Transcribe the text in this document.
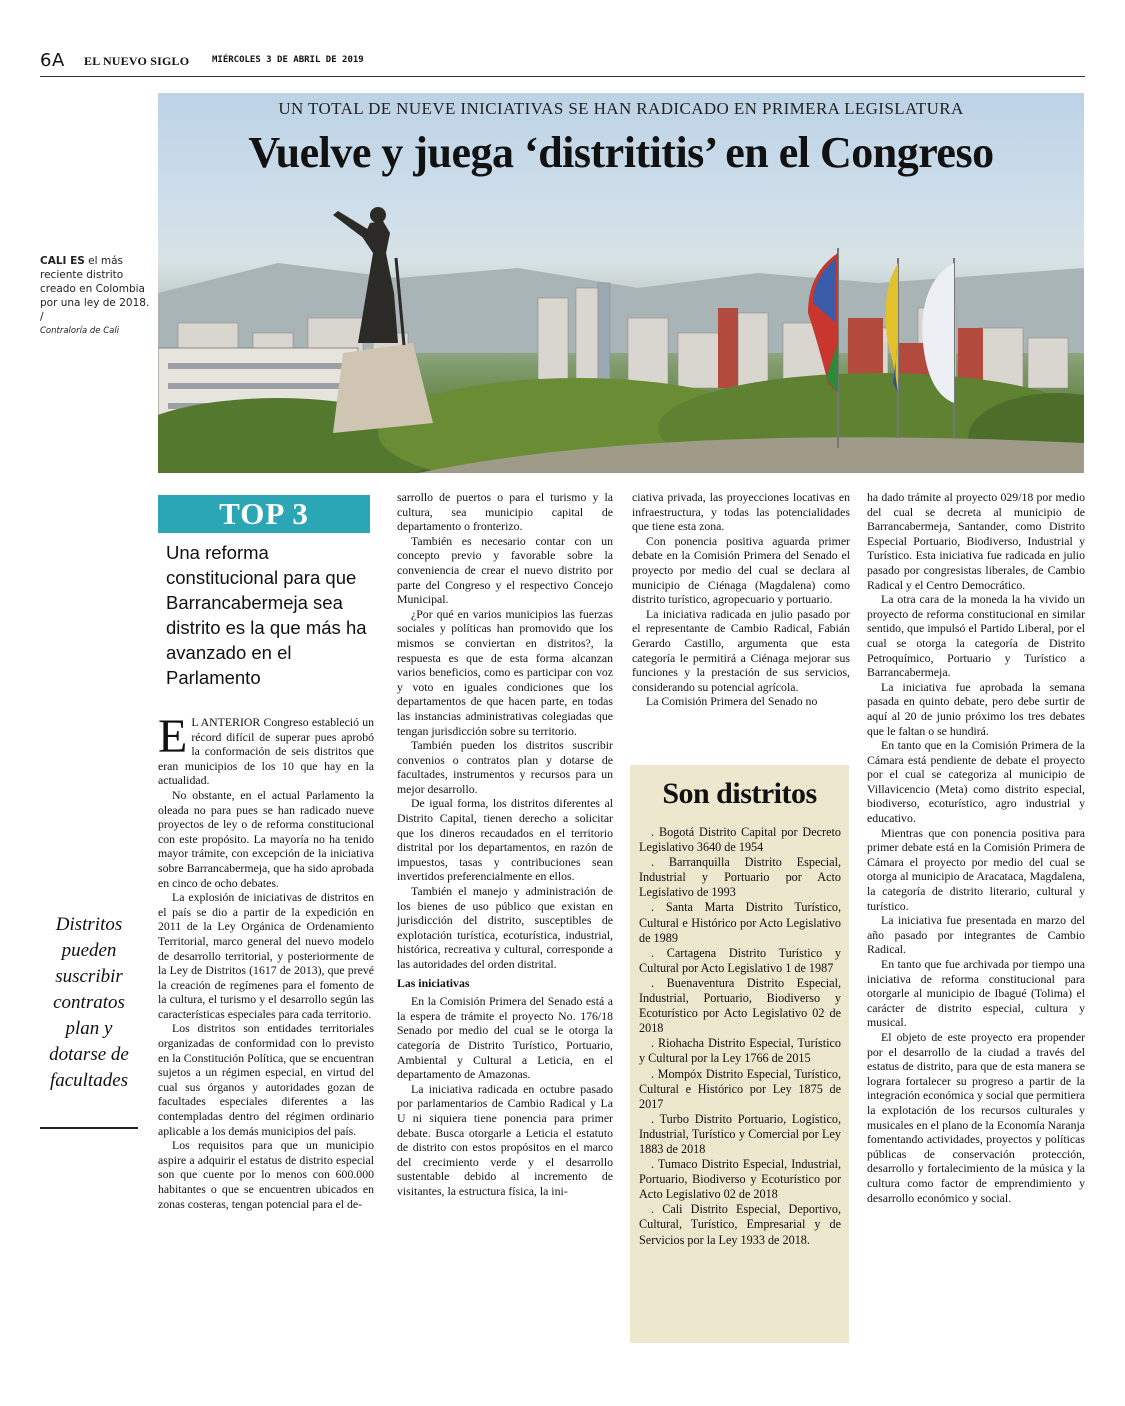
6A EL NUEVO SIGLO	MIÉRCOLES 3 DE ABRIL DE 2019
UN TOTAL DE NUEVE INICIATIVAS SE HAN RADICADO EN PRIMERA LEGISLATURA
Vuelve y juega ‘distrititis’ en el Congreso
CALI ES el más reciente distrito creado en Colombia por una ley de 2018. /
Contraloría de Cali
Distritos pueden suscribir contratos plan y dotarse de facultades
TOP 3
Una reforma constitucional para que Barrancabermeja sea distrito es la que más ha avanzado en el Parlamento

E L ANTERIOR Congreso estableció un récord difícil de superar pues aprobó la conformación de seis distritos que eran municipios de los 10 que hay en la actualidad.

No obstante, en el actual Parlamento la oleada no para pues se han radicado nueve proyectos de ley o de reforma constitucional con este propósito. La mayoría no ha tenido mayor trámite, con excepción de la iniciativa sobre Barrancabermeja, que ha sido aprobada en cinco de ocho debates.

La explosión de iniciativas de distritos en el país se dio a partir de la expedición en 2011 de la Ley Orgánica de Ordenamiento Territorial, marco general del nuevo modelo de desarrollo territorial, y posteriormente de la Ley de Distritos (1617 de 2013), que prevé la creación de regímenes para el fomento de la cultura, el turismo y el desarrollo según las características especiales para cada territorio.

Los distritos son entidades territoriales organizadas de conformidad con lo previsto en la Constitución Política, que se encuentran sujetos a un régimen especial, en virtud del cual sus órganos y autoridades gozan de facultades especiales diferentes a las contempladas dentro del régimen ordinario aplicable a los demás municipios del país.

Los requisitos para que un municipio aspire a adquirir el estatus de distrito especial son que cuente por lo menos con 600.000 habitantes o que se encuentren ubicados en zonas costeras, tengan potencial para el de-

sarrollo de puertos o para el turismo y la cultura, sea municipio capital de departamento o fronterizo.

También es necesario contar con un concepto previo y favorable sobre la conveniencia de crear el nuevo distrito por parte del Congreso y el respectivo Concejo Municipal.

¿Por qué en varios municipios las fuerzas sociales y políticas han promovido que los mismos se conviertan en distritos?, la respuesta es que de esta forma alcanzan varios beneficios, como es participar con voz y voto en iguales condiciones que los departamentos de que hacen parte, en todas las instancias administrativas colegiadas que tengan jurisdicción sobre su territorio.

También pueden los distritos suscribir convenios o contratos plan y dotarse de facultades, instrumentos y recursos para un mejor desarrollo.

De igual forma, los distritos diferentes al Distrito Capital, tienen derecho a solicitar que los dineros recaudados en el territorio distrital por los departamentos, en razón de impuestos, tasas y contribuciones sean invertidos preferencialmente en ellos.

También el manejo y administración de los bienes de uso público que existan en jurisdicción del distrito, susceptibles de explotación turística, ecoturística, industrial, histórica, recreativa y cultural, corresponde a las autoridades del orden distrital.

Las iniciativas

En la Comisión Primera del Senado está a la espera de trámite el proyecto No. 176/18 Senado por medio del cual se le otorga la categoría de Distrito Turístico, Portuario, Ambiental y Cultural a Leticia, en el departamento de Amazonas.

La iniciativa radicada en octubre pasado por parlamentarios de Cambio Radical y La U ni siquiera tiene ponencia para primer debate. Busca otorgarle a Leticia el estatuto de distrito con estos propósitos en el marco del crecimiento verde y el desarrollo sustentable debido al incremento de visitantes, la estructura física, la ini-

ciativa privada, las proyecciones locativas en infraestructura, y todas las potencialidades que tiene esta zona.

Con ponencia positiva aguarda primer debate en la Comisión Primera del Senado el proyecto por medio del cual se declara al municipio de Ciénaga (Magdalena) como distrito turístico, agropecuario y portuario.

La iniciativa radicada en julio pasado por el representante de Cambio Radical, Fabián Gerardo Castillo, argumenta que esta categoría le permitirá a Ciénaga mejorar sus funciones y la prestación de sus servicios, considerando su potencial agrícola.

La Comisión Primera del Senado no

Son distritos
. Bogotá Distrito Capital por Decreto Legislativo 3640 de 1954
. Barranquilla Distrito Especial, Industrial y Portuario por Acto Legislativo de 1993
. Santa Marta Distrito Turístico, Cultural e Histórico por Acto Legislativo de 1989
. Cartagena Distrito Turístico y Cultural por Acto Legislativo 1 de 1987
. Buenaventura Distrito Especial, Industrial, Portuario, Biodiverso y Ecoturístico por Acto Legislativo 02 de 2018
. Riohacha Distrito Especial, Turístico y Cultural por la Ley 1766 de 2015
. Mompóx Distrito Especial, Turístico, Cultural e Histórico por Ley 1875 de 2017
. Turbo Distrito Portuario, Logístico, Industrial, Turístico y Comercial por Ley 1883 de 2018
. Tumaco Distrito Especial, Industrial, Portuario, Biodiverso y Ecoturístico por Acto Legislativo 02 de 2018
. Cali Distrito Especial, Deportivo, Cultural, Turístico, Empresarial y de Servicios por la Ley 1933 de 2018.

ha dado trámite al proyecto 029/18 por medio del cual se decreta al municipio de Barrancabermeja, Santander, como Distrito Especial Portuario, Biodiverso, Industrial y Turístico. Esta iniciativa fue radicada en julio pasado por congresistas liberales, de Cambio Radical y el Centro Democrático.

La otra cara de la moneda la ha vivido un proyecto de reforma constitucional en similar sentido, que impulsó el Partido Liberal, por el cual se otorga la categoría de Distrito Petroquímico, Portuario y Turístico a Barrancabermeja.

La iniciativa fue aprobada la semana pasada en quinto debate, pero debe surtir de aquí al 20 de junio próximo los tres debates que le faltan o se hundirá.

En tanto que en la Comisión Primera de la Cámara está pendiente de debate el proyecto por el cual se categoriza al municipio de Villavicencio (Meta) como distrito especial, biodiverso, ecoturístico, agro industrial y educativo.

Mientras que con ponencia positiva para primer debate está en la Comisión Primera de Cámara el proyecto por medio del cual se otorga al municipio de Aracataca, Magdalena, la categoría de distrito literario, cultural y turístico.

La iniciativa fue presentada en marzo del año pasado por integrantes de Cambio Radical.

En tanto que fue archivada por tiempo una iniciativa de reforma constitucional para otorgarle al municipio de Ibagué (Tolima) el carácter de distrito especial, cultura y musical.

El objeto de este proyecto era propender por el desarrollo de la ciudad a través del estatus de distrito, para que de esta manera se lograra fortalecer su progreso a partir de la integración económica y social que permitiera la explotación de los recursos culturales y musicales en el plano de la Economía Naranja fomentando actividades, proyectos y políticas públicas de conservación protección, desarrollo y fortalecimiento de la música y la cultura como factor de emprendimiento y desarrollo económico y social.
